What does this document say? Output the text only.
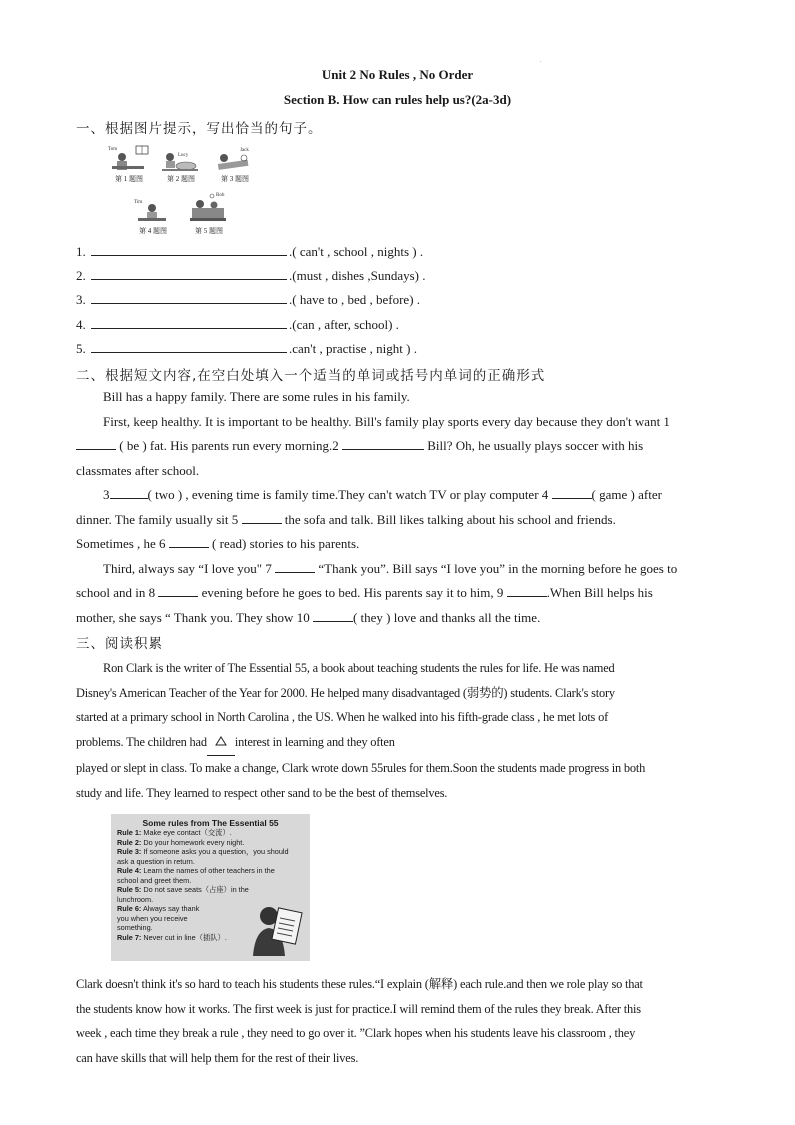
.
Unit 2 No Rules , No Order
Section B. How can rules help us?(2a-3d)
一、根据图片提示，写出恰当的句子。
Tom
第 1 题图
Lucy
第 2 题图
Jack
第 3 题图
Tim
第 4 题图
Bob
第 5 题图
1.	.( can't , school , nights ) .
2.	.(must , dishes ,Sundays) .
3.	.( have to , bed , before) .
4.	.(can , after, school) .
5.	.can't , practise , night ) .
二、根据短文内容,在空白处填入一个适当的单词或括号内单词的正确形式
Bill has a happy family. There are some rules in his family.
First, keep healthy. It is important to be healthy. Bill's family play sports every day because they don't want 1
( be ) fat. His parents run every morning.2	Bill? Oh, he usually plays soccer with his
classmates after school.
3	( two ) , evening time is family time.They can't watch TV or play computer 4	( game ) after
dinner. The family usually sit 5	the sofa and talk. Bill likes talking about his school and friends.
Sometimes , he 6	( read) stories to his parents.
Third, always say “I love you" 7	“Thank you”. Bill says “I love you” in the morning before he goes to
school and in 8	evening before he goes to bed. His parents say it to him, 9	.When Bill helps his
mother, she says “ Thank you. They show 10	( they ) love and thanks all the time.
三、阅读积累
Ron Clark is the writer of The Essential 55, a book about teaching students the rules for life. He was named
Disney's American Teacher of the Year for 2000. He helped many disadvantaged (弱势的) students. Clark's story
started at a primary school in North Carolina , the US. When he walked into his fifth-grade class , he met lots of
problems. The children had interest in learning and they often
played or slept in class. To make a change, Clark wrote down 55rules for them.Soon the students made progress in both
study and life. They learned to respect other sand to be the best of themselves.
Some rules from The Essential 55
Rule 1: Make eye contact（交流）.
Rule 2: Do your homework every night.
Rule 3: If someone asks you a question，you should ask a question in return.
Rule 4: Learn the names of other teachers in the school and greet them.
Rule 5: Do not save seats（占座）in the lunchroom.
Rule 6: Always say thank you when you receive something.
Rule 7: Never cut in line（插队）.
Clark doesn't think it's so hard to teach his students these rules.“I explain (解释) each rule.and then we role play so that
the students know how it works. The first week is just for practice.I will remind them of the rules they break. After this
week , each time they break a rule , they need to go over it. ”Clark hopes when his students leave his classroom , they
can have skills that will help them for the rest of their lives.
